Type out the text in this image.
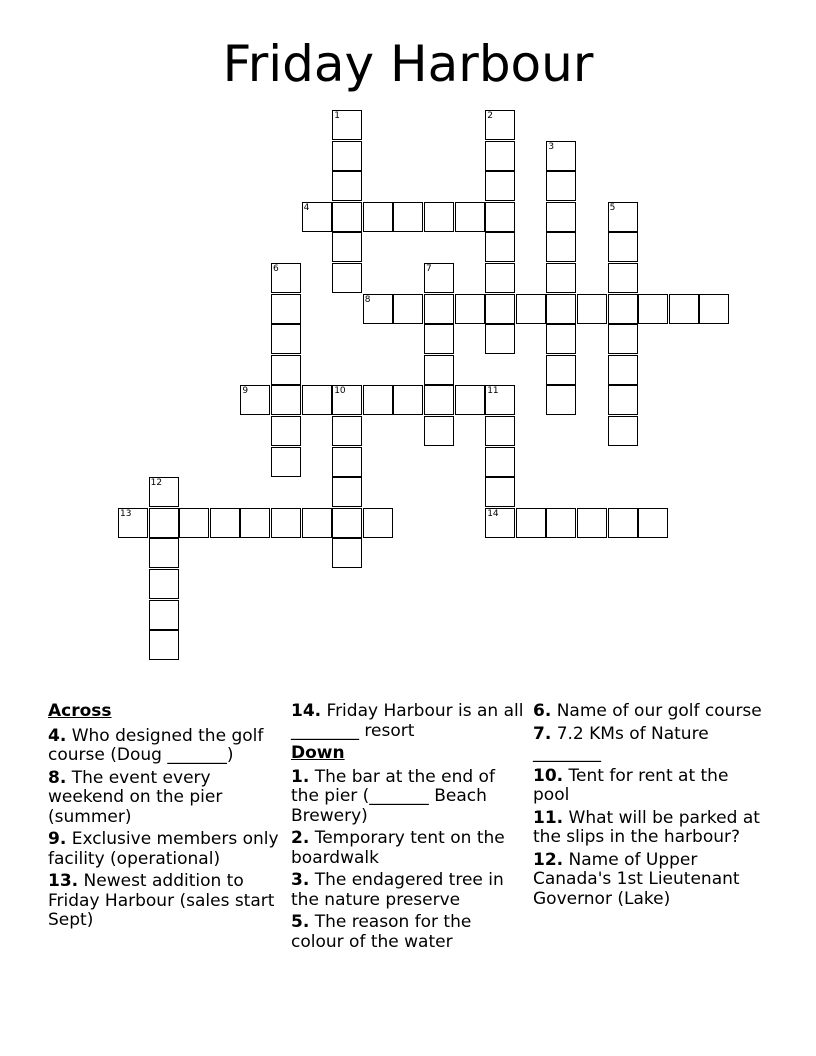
Friday Harbour
1	2
3
4	5
6	7
8
9	10	11
14
12
13
Across
4. Who designed the golf course (Doug _______)
8. The event every weekend on the pier (summer)
9. Exclusive members only facility (operational)
13. Newest addition to Friday Harbour (sales start Sept)
14. Friday Harbour is an all ________ resort
Down
1. The bar at the end of the pier (_______ Beach Brewery)
2. Temporary tent on the boardwalk
3. The endagered tree in the nature preserve
5. The reason for the colour of the water
6. Name of our golf course
7. 7.2 KMs of Nature ________
10. Tent for rent at the pool
11. What will be parked at the slips in the harbour?
12. Name of Upper Canada's 1st Lieutenant Governor (Lake)
